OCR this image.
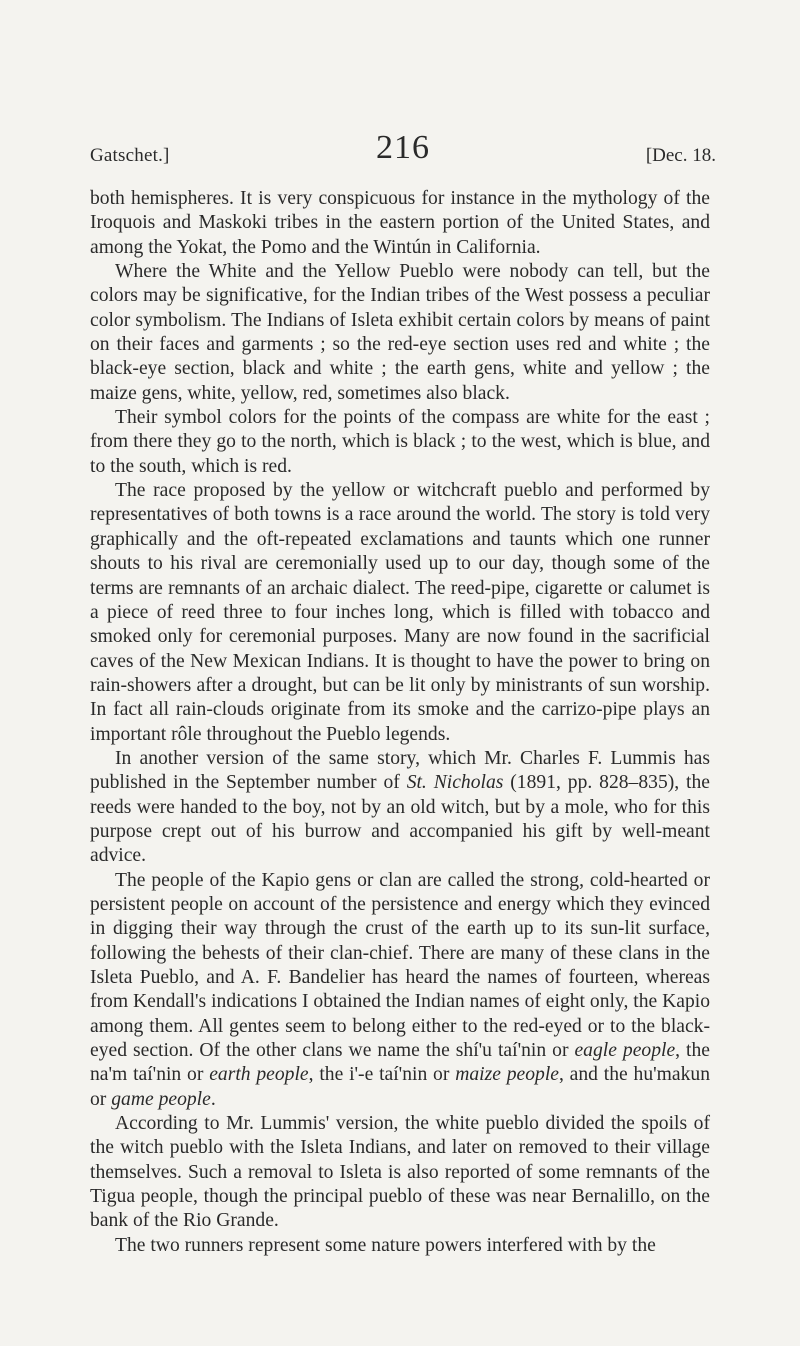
Gatschet.]	216	[Dec. 18.

both hemispheres. It is very conspicuous for instance in the mythology of the Iroquois and Maskoki tribes in the eastern portion of the United States, and among the Yokat, the Pomo and the Wintún in California.

Where the White and the Yellow Pueblo were nobody can tell, but the colors may be significative, for the Indian tribes of the West possess a peculiar color symbolism. The Indians of Isleta exhibit certain colors by means of paint on their faces and garments ; so the red-eye section uses red and white ; the black-eye section, black and white ; the earth gens, white and yellow ; the maize gens, white, yellow, red, sometimes also black.

Their symbol colors for the points of the compass are white for the east ; from there they go to the north, which is black ; to the west, which is blue, and to the south, which is red.

The race proposed by the yellow or witchcraft pueblo and performed by representatives of both towns is a race around the world. The story is told very graphically and the oft-repeated exclamations and taunts which one runner shouts to his rival are ceremonially used up to our day, though some of the terms are remnants of an archaic dialect. The reed-pipe, cigarette or calumet is a piece of reed three to four inches long, which is filled with tobacco and smoked only for ceremonial purposes. Many are now found in the sacrificial caves of the New Mexican Indians. It is thought to have the power to bring on rain-showers after a drought, but can be lit only by ministrants of sun worship. In fact all rain-clouds originate from its smoke and the carrizo-pipe plays an important rôle throughout the Pueblo legends.

In another version of the same story, which Mr. Charles F. Lummis has published in the September number of St. Nicholas (1891, pp. 828–835), the reeds were handed to the boy, not by an old witch, but by a mole, who for this purpose crept out of his burrow and accompanied his gift by well-meant advice.

The people of the Kapio gens or clan are called the strong, cold-hearted or persistent people on account of the persistence and energy which they evinced in digging their way through the crust of the earth up to its sun-lit surface, following the behests of their clan-chief. There are many of these clans in the Isleta Pueblo, and A. F. Bandelier has heard the names of fourteen, whereas from Kendall's indications I obtained the Indian names of eight only, the Kapio among them. All gentes seem to belong either to the red-eyed or to the black-eyed section. Of the other clans we name the shí'u taí'nin or eagle people, the na'm taí'nin or earth people, the i'-e taí'nin or maize people, and the hu'makun or game people.

According to Mr. Lummis' version, the white pueblo divided the spoils of the witch pueblo with the Isleta Indians, and later on removed to their village themselves. Such a removal to Isleta is also reported of some remnants of the Tigua people, though the principal pueblo of these was near Bernalillo, on the bank of the Rio Grande.

The two runners represent some nature powers interfered with by the
